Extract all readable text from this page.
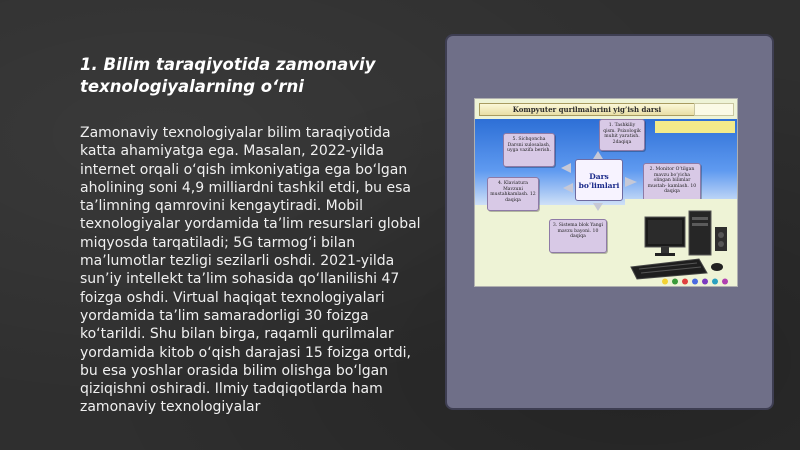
1. Bilim taraqiyotida zamonaviy texnologiyalarning o‘rni
Zamonaviy texnologiyalar bilim taraqiyotida katta ahamiyatga ega. Masalan, 2022-yilda internet orqali o‘qish imkoniyatiga ega bo‘lgan aholining soni 4,9 milliardni tashkil etdi, bu esa ta’limning qamrovini kengaytiradi. Mobil texnologiyalar yordamida ta’lim resurslari global miqyosda tarqatiladi; 5G tarmog‘i bilan ma’lumotlar tezligi sezilarli oshdi. 2021-yilda sun’iy intellekt ta’lim sohasida qo‘llanilishi 47 foizga oshdi. Virtual haqiqat texnologiyalari yordamida ta’lim samaradorligi 30 foizga ko‘tarildi. Shu bilan birga, raqamli qurilmalar yordamida kitob o‘qish darajasi 15 foizga ortdi, bu esa yoshlar orasida bilim olishga bo‘lgan qiziqishni oshiradi. Ilmiy tadqiqotlarda ham zamonaviy texnologiyalar
Kompyuter qurilmalarini yig’ish darsi
1. Tashkiliy qism. Psixologik muhit yaratish. 2daqiqa
5. Sichqoncha Darsni xulosalash, uyga vazifa berish.
4. Klaviatura Mavzuni mustahkamlash. 12 daqiqa
2. Monitor O’tilgan mavzu bo’yicha olingan bilimlar mustah- kamlash. 10 daqiqa
3. Sistema blok Yangi mavzu bayoni. 10 daqiqa
Dars bo'limlari
